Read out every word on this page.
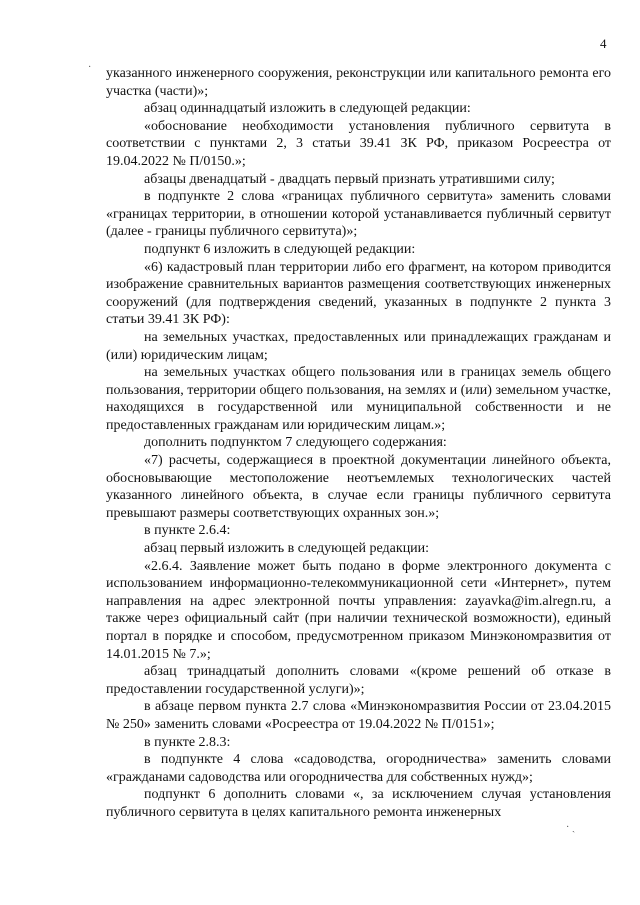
4
·
· ˎ

указанного инженерного сооружения, реконструкции или капитального ремонта его участка (части)»;

абзац одиннадцатый изложить в следующей редакции:

«обоснование необходимости установления публичного сервитута в соответствии с пунктами 2, 3 статьи 39.41 ЗК РФ, приказом Росреестра от 19.04.2022 № П/0150.»;

абзацы двенадцатый - двадцать первый признать утратившими силу;

в подпункте 2 слова «границах публичного сервитута» заменить словами «границах территории, в отношении которой устанавливается публичный сервитут (далее - границы публичного сервитута)»;

подпункт 6 изложить в следующей редакции:

«6) кадастровый план территории либо его фрагмент, на котором приводится изображение сравнительных вариантов размещения соответствующих инженерных сооружений (для подтверждения сведений, указанных в подпункте 2 пункта 3 статьи 39.41 ЗК РФ):

на земельных участках, предоставленных или принадлежащих гражданам и (или) юридическим лицам;

на земельных участках общего пользования или в границах земель общего пользования, территории общего пользования, на землях и (или) земельном участке, находящихся в государственной или муниципальной собственности и не предоставленных гражданам или юридическим лицам.»;

дополнить подпунктом 7 следующего содержания:

«7) расчеты, содержащиеся в проектной документации линейного объекта, обосновывающие местоположение неотъемлемых технологических частей указанного линейного объекта, в случае если границы публичного сервитута превышают размеры соответствующих охранных зон.»;

в пункте 2.6.4:

абзац первый изложить в следующей редакции:

«2.6.4. Заявление может быть подано в форме электронного документа с использованием информационно-телекоммуникационной сети «Интернет», путем направления на адрес электронной почты управления: zayavka@im.alregn.ru, а также через официальный сайт (при наличии технической возможности), единый портал в порядке и способом, предусмотренном приказом Минэкономразвития от 14.01.2015 № 7.»;

абзац тринадцатый дополнить словами «(кроме решений об отказе в предоставлении государственной услуги)»;

в абзаце первом пункта 2.7 слова «Минэкономразвития России от 23.04.2015 № 250» заменить словами «Росреестра от 19.04.2022 № П/0151»;

в пункте 2.8.3:

в подпункте 4 слова «садоводства, огородничества» заменить словами «гражданами садоводства или огородничества для собственных нужд»;

подпункт 6 дополнить словами «, за исключением случая установления публичного сервитута в целях капитального ремонта инженерных
